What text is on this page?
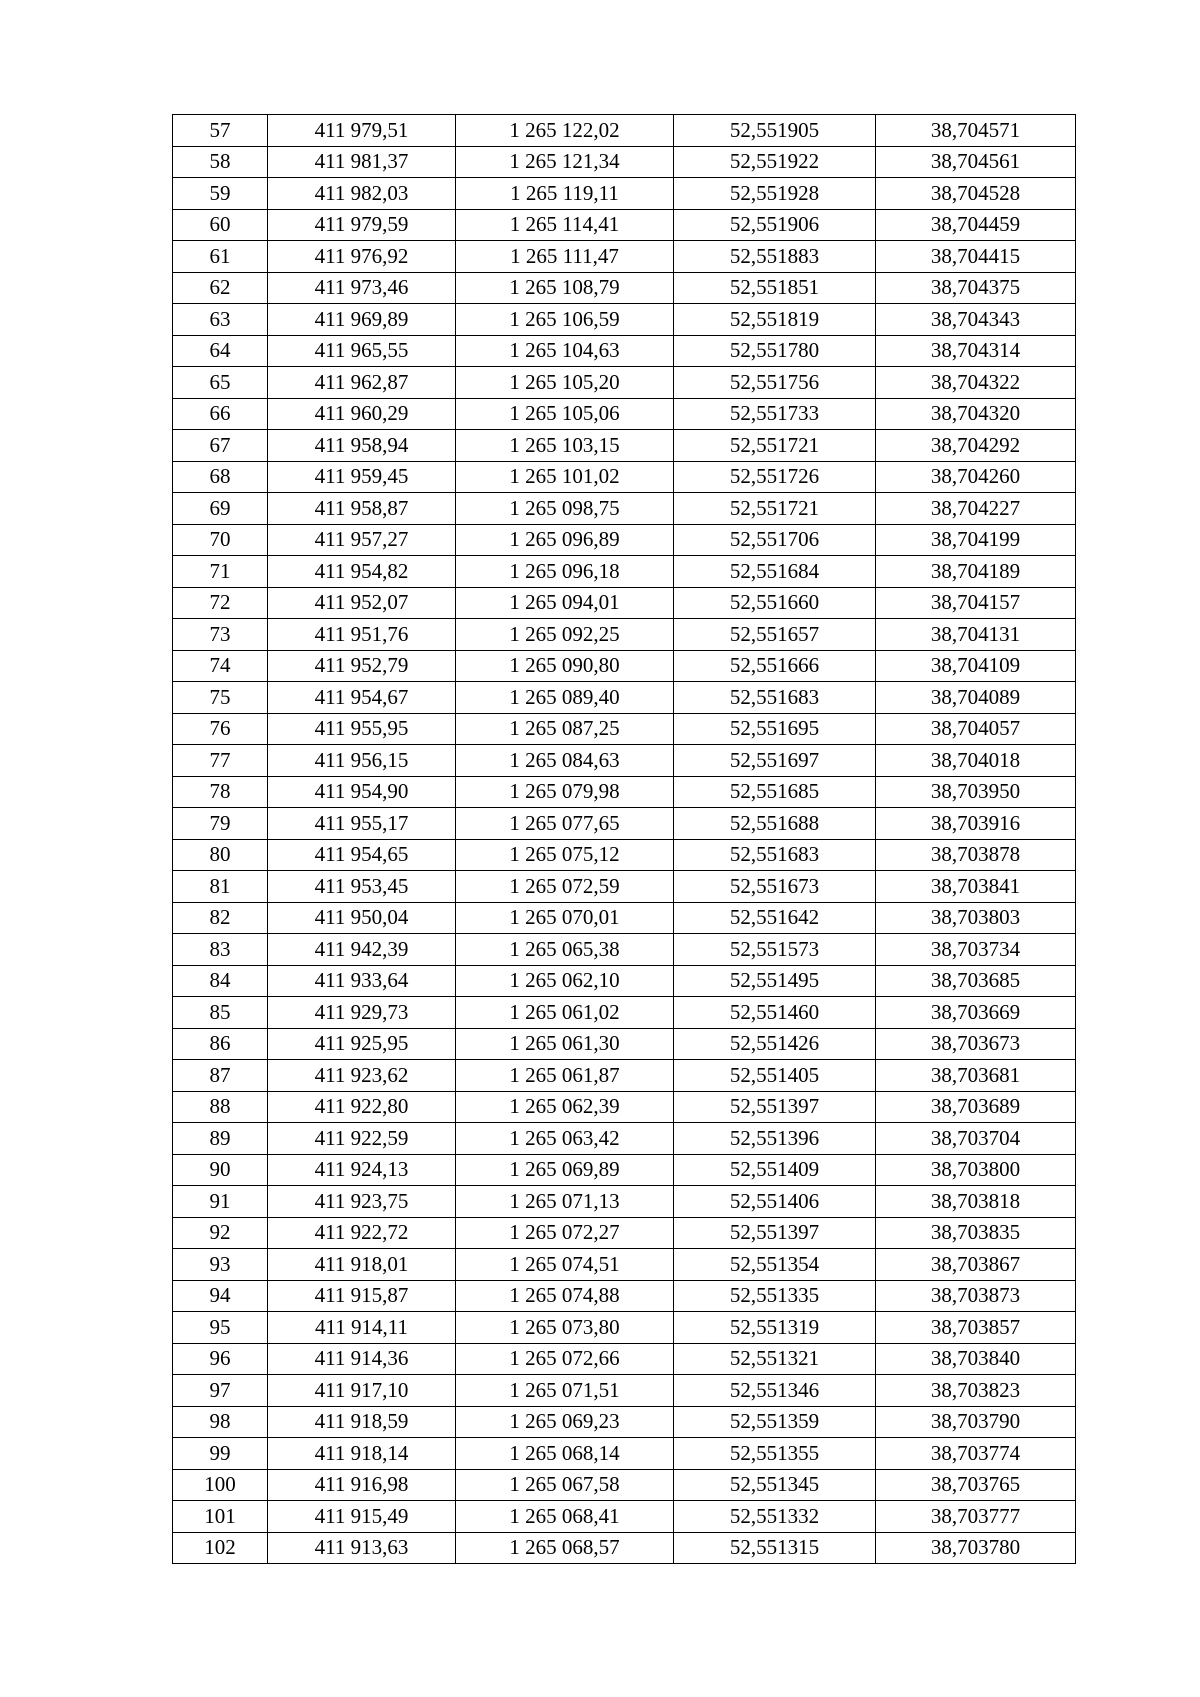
57	411 979,51	1 265 122,02	52,551905	38,704571
58	411 981,37	1 265 121,34	52,551922	38,704561
59	411 982,03	1 265 119,11	52,551928	38,704528
60	411 979,59	1 265 114,41	52,551906	38,704459
61	411 976,92	1 265 111,47	52,551883	38,704415
62	411 973,46	1 265 108,79	52,551851	38,704375
63	411 969,89	1 265 106,59	52,551819	38,704343
64	411 965,55	1 265 104,63	52,551780	38,704314
65	411 962,87	1 265 105,20	52,551756	38,704322
66	411 960,29	1 265 105,06	52,551733	38,704320
67	411 958,94	1 265 103,15	52,551721	38,704292
68	411 959,45	1 265 101,02	52,551726	38,704260
69	411 958,87	1 265 098,75	52,551721	38,704227
70	411 957,27	1 265 096,89	52,551706	38,704199
71	411 954,82	1 265 096,18	52,551684	38,704189
72	411 952,07	1 265 094,01	52,551660	38,704157
73	411 951,76	1 265 092,25	52,551657	38,704131
74	411 952,79	1 265 090,80	52,551666	38,704109
75	411 954,67	1 265 089,40	52,551683	38,704089
76	411 955,95	1 265 087,25	52,551695	38,704057
77	411 956,15	1 265 084,63	52,551697	38,704018
78	411 954,90	1 265 079,98	52,551685	38,703950
79	411 955,17	1 265 077,65	52,551688	38,703916
80	411 954,65	1 265 075,12	52,551683	38,703878
81	411 953,45	1 265 072,59	52,551673	38,703841
82	411 950,04	1 265 070,01	52,551642	38,703803
83	411 942,39	1 265 065,38	52,551573	38,703734
84	411 933,64	1 265 062,10	52,551495	38,703685
85	411 929,73	1 265 061,02	52,551460	38,703669
86	411 925,95	1 265 061,30	52,551426	38,703673
87	411 923,62	1 265 061,87	52,551405	38,703681
88	411 922,80	1 265 062,39	52,551397	38,703689
89	411 922,59	1 265 063,42	52,551396	38,703704
90	411 924,13	1 265 069,89	52,551409	38,703800
91	411 923,75	1 265 071,13	52,551406	38,703818
92	411 922,72	1 265 072,27	52,551397	38,703835
93	411 918,01	1 265 074,51	52,551354	38,703867
94	411 915,87	1 265 074,88	52,551335	38,703873
95	411 914,11	1 265 073,80	52,551319	38,703857
96	411 914,36	1 265 072,66	52,551321	38,703840
97	411 917,10	1 265 071,51	52,551346	38,703823
98	411 918,59	1 265 069,23	52,551359	38,703790
99	411 918,14	1 265 068,14	52,551355	38,703774
100	411 916,98	1 265 067,58	52,551345	38,703765
101	411 915,49	1 265 068,41	52,551332	38,703777
102	411 913,63	1 265 068,57	52,551315	38,703780
